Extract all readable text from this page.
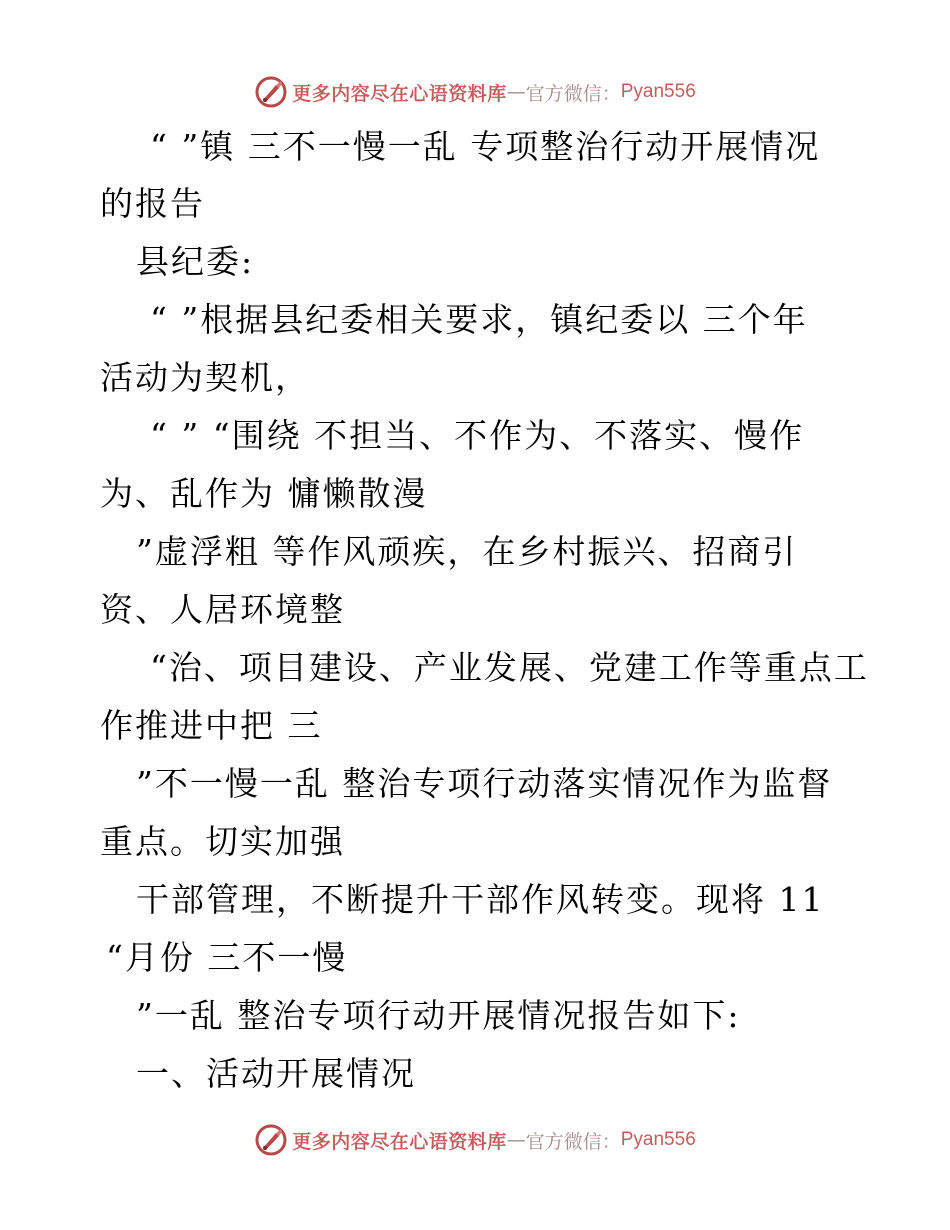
更多内容尽在心语资料库 — 官方微信： Pyan556
“ ”镇 三不一慢一乱 专项整治行动开展情况
的报告
县纪委:
“ ”根据县纪委相关要求，镇纪委以 三个年
活动为契机，
“ ” “围绕 不担当、不作为、不落实、慢作
为、乱作为 慵懒散漫
”虚浮粗 等作风顽疾，在乡村振兴、招商引
资、人居环境整
“治、项目建设、产业发展、党建工作等重点工
作推进中把 三
”不一慢一乱 整治专项行动落实情况作为监督
重点。切实加强
干部管理，不断提升干部作风转变。现将 11
“月份 三不一慢
”一乱 整治专项行动开展情况报告如下:
一、活动开展情况
更多内容尽在心语资料库 — 官方微信： Pyan556
